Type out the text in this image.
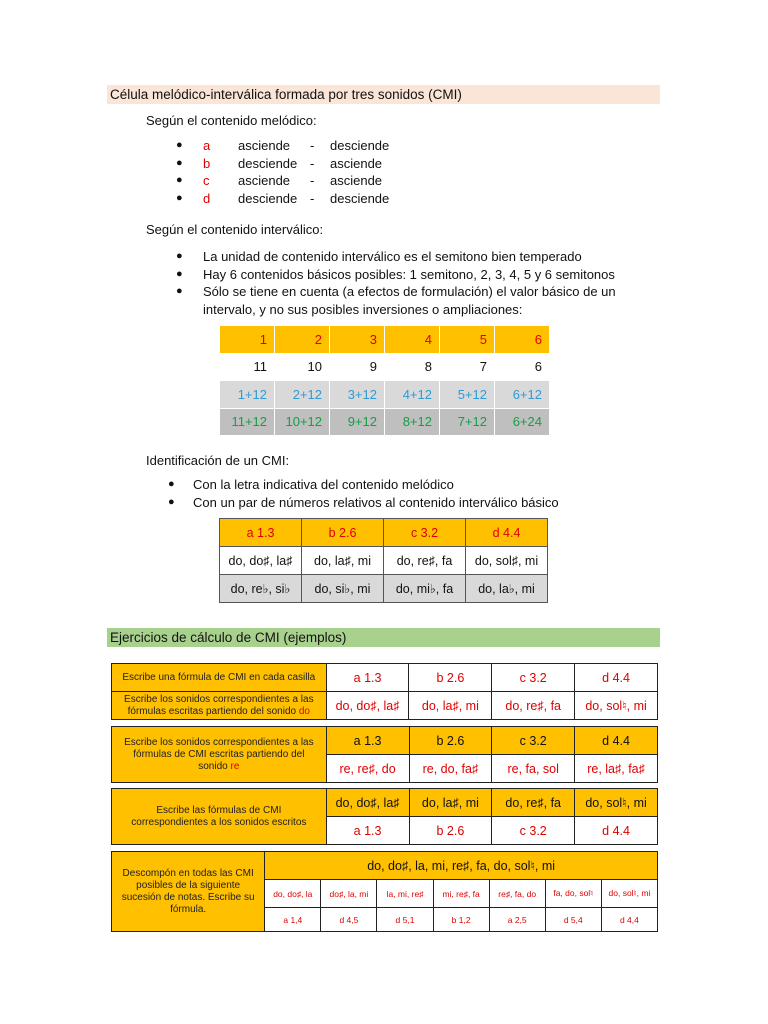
Célula melódico-interválica formada por tres sonidos (CMI)
Según el contenido melódico:
● a asciende - desciende
● b desciende - asciende
● c asciende - asciende
● d desciende - desciende
Según el contenido interválico:
● La unidad de contenido interválico es el semitono bien temperado
● Hay 6 contenidos básicos posibles: 1 semitono, 2, 3, 4, 5 y 6 semitonos
● Sólo se tiene en cuenta (a efectos de formulación) el valor básico de un
intervalo, y no sus posibles inversiones o ampliaciones:
1	2	3	4	5	6
11	10	9	8	7	6
1+12	2+12	3+12	4+12	5+12	6+12
11+12	10+12	9+12	8+12	7+12	6+24
Identificación de un CMI:
● Con la letra indicativa del contenido melódico
● Con un par de números relativos al contenido interválico básico
a 1.3	b 2.6	c 3.2	d 4.4
do, do♯, la♯	do, la♯, mi	do, re♯, fa	do, sol♯, mi
do, re♭, si♭	do, si♭, mi	do, mi♭, fa	do, la♭, mi
Ejercicios de cálculo de CMI (ejemplos)
Escribe una fórmula de CMI en cada casilla	a 1.3	b 2.6	c 3.2	d 4.4
Escribe los sonidos correspondientes a las fórmulas escritas partiendo del sonido do	do, do♯, la♯	do, la♯, mi	do, re♯, fa	do, sol♮, mi
Escribe los sonidos correspondientes a las fórmulas de CMI escritas partiendo del sonido re	a 1.3	b 2.6	c 3.2	d 4.4
	re, re♯, do	re, do, fa♯	re, fa, sol	re, la♯, fa♯
Escribe las fórmulas de CMI correspondientes a los sonidos escritos	do, do♯, la♯	do, la♯, mi	do, re♯, fa	do, sol♮, mi
	a 1.3	b 2.6	c 3.2	d 4.4
Descompón en todas las CMI posibles de la siguiente sucesión de notas. Escribe su fórmula.	do, do♯, la, mi, re♯, fa, do, sol♮, mi						
	do, do♯, la	do♯, la, mi	la, mi, re♯	mi, re♯, fa	re♯, fa, do	fa, do, sol♮	do, sol♮, mi
	a 1,4	d 4,5	d 5,1	b 1,2	a 2,5	d 5,4	d 4,4
